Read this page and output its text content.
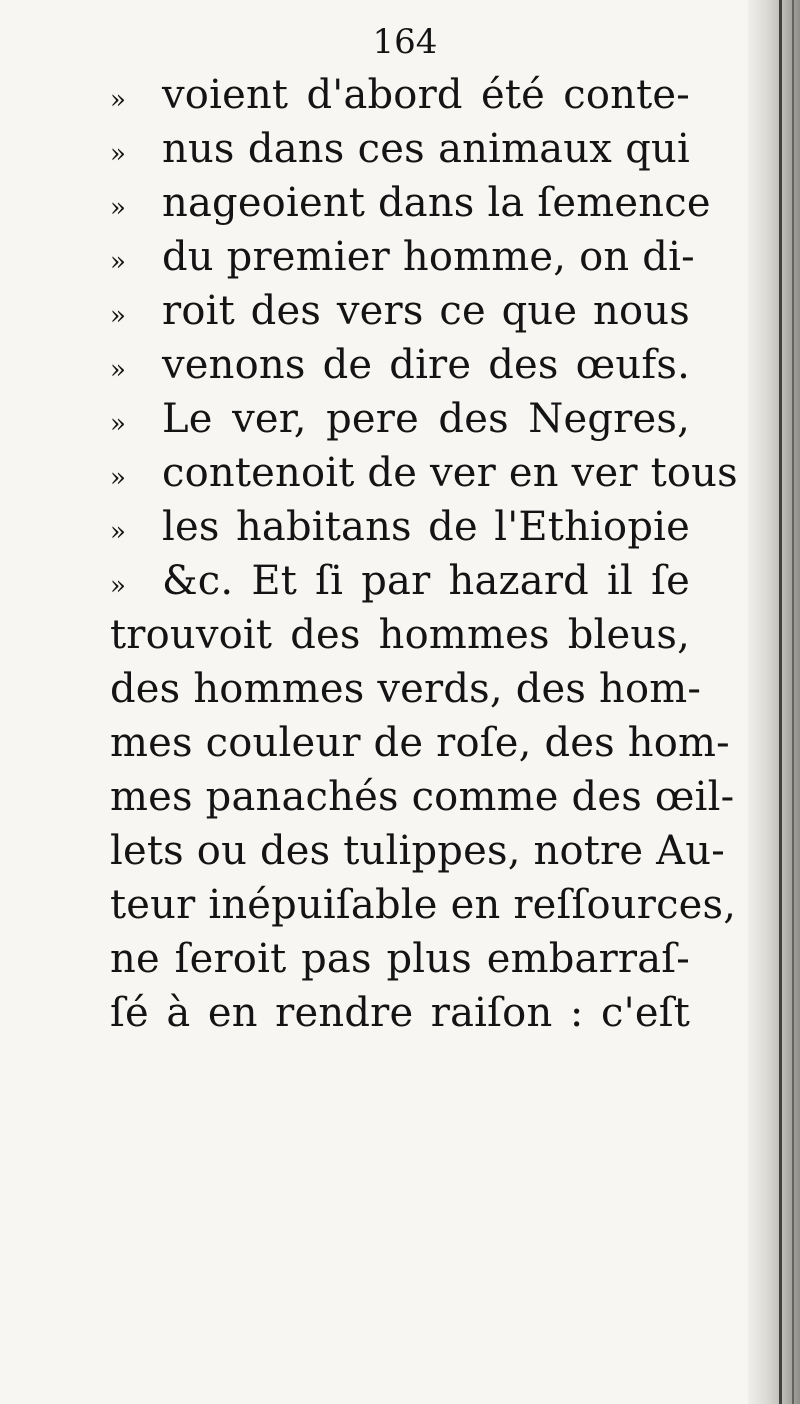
164
» voient d'abord été conte-
» nus dans ces animaux qui
» nageoient dans la ſemence
» du premier homme, on di-
» roit des vers ce que nous
» venons de dire des œufs.
» Le ver, pere des Negres,
» contenoit de ver en ver tous
» les habitans de l'Ethiopie
» &c. Et ſi par hazard il ſe
trouvoit des hommes bleus,
des hommes verds, des hom-
mes couleur de roſe, des hom-
mes panachés comme des œil-
lets ou des tulippes, notre Au-
teur inépuiſable en reſſources,
ne ſeroit pas plus embarraſ-
ſé à en rendre raiſon : c'eſt
